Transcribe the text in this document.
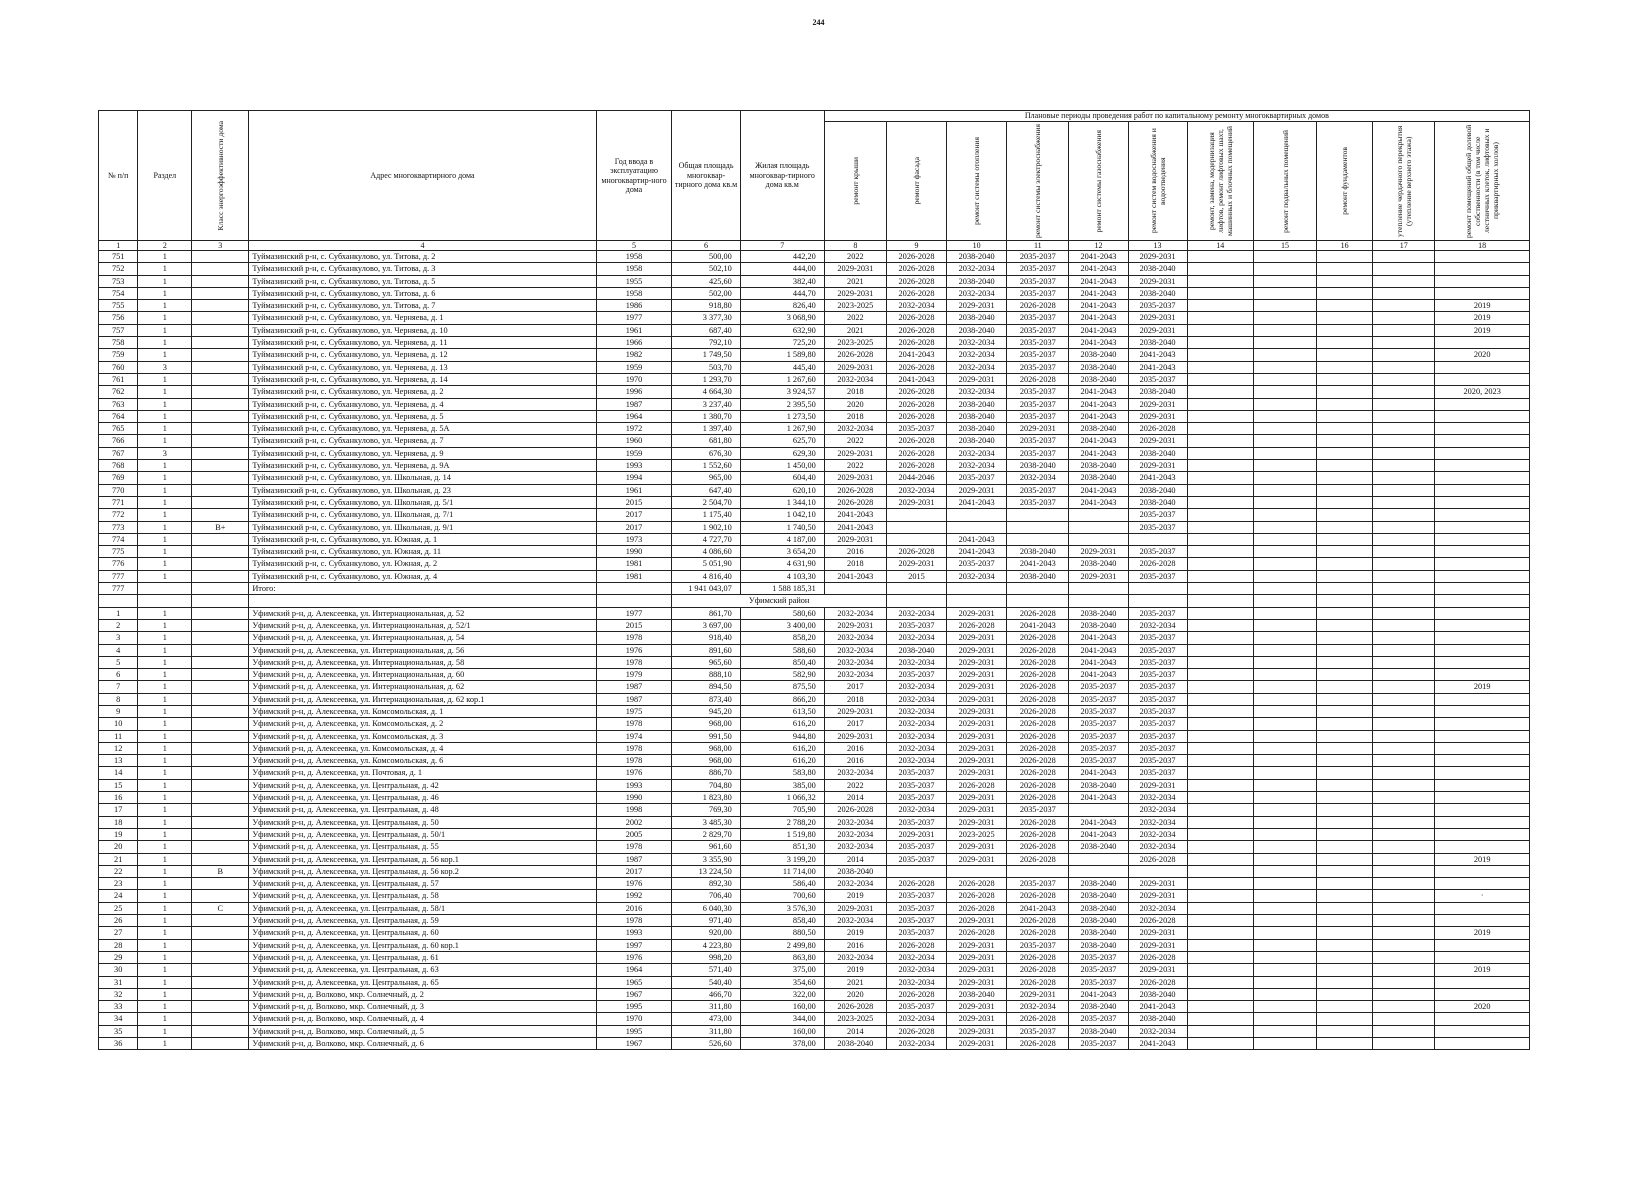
244
№ п/п	Раздел	Класс энергоэффективности дома	Адрес многоквартирного дома	Год ввода в эксплуатацию многоквартир-ного дома	Общая площадь многоквар-тирного дома кв.м	Жилая площадь многоквар-тирного дома кв.м	Плановые периоды проведения работ по капитальному ремонту многоквартирных домов										

							ремонт крыши	ремонт фасада	ремонт системы отопления	ремонт системы электроснабжения	ремонт системы газоснабжения	ремонт систем водоснабжения и водоотведения	ремонт, замена, модернизация лифтов, ремонт лифтовых шахт, машинных и блочных помещений	ремонт подвальных помещений	ремонт фундаментов	утепление чердачного перекрытия (утепление верхнего этажа)	ремонт помещений общей долевой собственности (в том числе лестничных клеток, лифтовых и приквартирных холлов)

1	2	3	4	5	6	7	8	9	10	11	12	13	14	15	16	17	18
751	1		Туймазинский р-н, с. Субханкулово, ул. Титова, д. 2	1958	500,00	442,20	2022	2026-2028	2038-2040	2035-2037	2041-2043	2029-2031					
752	1		Туймазинский р-н, с. Субханкулово, ул. Титова, д. 3	1958	502,10	444,00	2029-2031	2026-2028	2032-2034	2035-2037	2041-2043	2038-2040					
753	1		Туймазинский р-н, с. Субханкулово, ул. Титова, д. 5	1955	425,60	382,40	2021	2026-2028	2038-2040	2035-2037	2041-2043	2029-2031					
754	1		Туймазинский р-н, с. Субханкулово, ул. Титова, д. 6	1958	502,00	444,70	2029-2031	2026-2028	2032-2034	2035-2037	2041-2043	2038-2040					
755	1		Туймазинский р-н, с. Субханкулово, ул. Титова, д. 7	1986	918,80	826,40	2023-2025	2032-2034	2029-2031	2026-2028	2041-2043	2035-2037					2019
756	1		Туймазинский р-н, с. Субханкулово, ул. Черняева, д. 1	1977	3 377,30	3 068,90	2022	2026-2028	2038-2040	2035-2037	2041-2043	2029-2031					2019
757	1		Туймазинский р-н, с. Субханкулово, ул. Черняева, д. 10	1961	687,40	632,90	2021	2026-2028	2038-2040	2035-2037	2041-2043	2029-2031					2019
758	1		Туймазинский р-н, с. Субханкулово, ул. Черняева, д. 11	1966	792,10	725,20	2023-2025	2026-2028	2032-2034	2035-2037	2041-2043	2038-2040					
759	1		Туймазинский р-н, с. Субханкулово, ул. Черняева, д. 12	1982	1 749,50	1 589,80	2026-2028	2041-2043	2032-2034	2035-2037	2038-2040	2041-2043					2020
760	3		Туймазинский р-н, с. Субханкулово, ул. Черняева, д. 13	1959	503,70	445,40	2029-2031	2026-2028	2032-2034	2035-2037	2038-2040	2041-2043					
761	1		Туймазинский р-н, с. Субханкулово, ул. Черняева, д. 14	1970	1 293,70	1 267,60	2032-2034	2041-2043	2029-2031	2026-2028	2038-2040	2035-2037					
762	1		Туймазинский р-н, с. Субханкулово, ул. Черняева, д. 2	1996	4 664,30	3 924,57	2018	2026-2028	2032-2034	2035-2037	2041-2043	2038-2040					2020, 2023
763	1		Туймазинский р-н, с. Субханкулово, ул. Черняева, д. 4	1987	3 237,40	2 395,50	2020	2026-2028	2038-2040	2035-2037	2041-2043	2029-2031					
764	1		Туймазинский р-н, с. Субханкулово, ул. Черняева, д. 5	1964	1 380,70	1 273,50	2018	2026-2028	2038-2040	2035-2037	2041-2043	2029-2031					
765	1		Туймазинский р-н, с. Субханкулово, ул. Черняева, д. 5А	1972	1 397,40	1 267,90	2032-2034	2035-2037	2038-2040	2029-2031	2038-2040	2026-2028					
766	1		Туймазинский р-н, с. Субханкулово, ул. Черняева, д. 7	1960	681,80	625,70	2022	2026-2028	2038-2040	2035-2037	2041-2043	2029-2031					
767	3		Туймазинский р-н, с. Субханкулово, ул. Черняева, д. 9	1959	676,30	629,30	2029-2031	2026-2028	2032-2034	2035-2037	2041-2043	2038-2040					
768	1		Туймазинский р-н, с. Субханкулово, ул. Черняева, д. 9А	1993	1 552,60	1 450,00	2022	2026-2028	2032-2034	2038-2040	2038-2040	2029-2031					
769	1		Туймазинский р-н, с. Субханкулово, ул. Школьная, д. 14	1994	965,00	604,40	2029-2031	2044-2046	2035-2037	2032-2034	2038-2040	2041-2043					
770	1		Туймазинский р-н, с. Субханкулово, ул. Школьная, д. 23	1961	647,40	620,10	2026-2028	2032-2034	2029-2031	2035-2037	2041-2043	2038-2040					
771	1		Туймазинский р-н, с. Субханкулово, ул. Школьная, д. 5/1	2015	2 504,70	1 344,10	2026-2028	2029-2031	2041-2043	2035-2037	2041-2043	2038-2040					
772	1		Туймазинский р-н, с. Субханкулово, ул. Школьная, д. 7/1	2017	1 175,40	1 042,10	2041-2043					2035-2037					
773	1	В+	Туймазинский р-н, с. Субханкулово, ул. Школьная, д. 9/1	2017	1 902,10	1 740,50	2041-2043					2035-2037					
774	1		Туймазинский р-н, с. Субханкулово, ул. Южная, д. 1	1973	4 727,70	4 187,00	2029-2031		2041-2043								
775	1		Туймазинский р-н, с. Субханкулово, ул. Южная, д. 11	1990	4 086,60	3 654,20	2016	2026-2028	2041-2043	2038-2040	2029-2031	2035-2037					
776	1		Туймазинский р-н, с. Субханкулово, ул. Южная, д. 2	1981	5 051,90	4 631,90	2018	2029-2031	2035-2037	2041-2043	2038-2040	2026-2028					
777	1		Туймазинский р-н, с. Субханкулово, ул. Южная, д. 4	1981	4 816,40	4 103,30	2041-2043	2015	2032-2034	2038-2040	2029-2031	2035-2037					
777			Итого:		1 941 043,07	1 588 185,31											
					Уфимский район												
1	1		Уфимский р-н, д. Алексеевка, ул. Интернациональная, д. 52	1977	861,70	580,60	2032-2034	2032-2034	2029-2031	2026-2028	2038-2040	2035-2037					
2	1		Уфимский р-н, д. Алексеевка, ул. Интернациональная, д. 52/1	2015	3 697,00	3 400,00	2029-2031	2035-2037	2026-2028	2041-2043	2038-2040	2032-2034					
3	1		Уфимский р-н, д. Алексеевка, ул. Интернациональная, д. 54	1978	918,40	858,20	2032-2034	2032-2034	2029-2031	2026-2028	2041-2043	2035-2037					
4	1		Уфимский р-н, д. Алексеевка, ул. Интернациональная, д. 56	1976	891,60	588,60	2032-2034	2038-2040	2029-2031	2026-2028	2041-2043	2035-2037					
5	1		Уфимский р-н, д. Алексеевка, ул. Интернациональная, д. 58	1978	965,60	850,40	2032-2034	2032-2034	2029-2031	2026-2028	2041-2043	2035-2037					
6	1		Уфимский р-н, д. Алексеевка, ул. Интернациональная, д. 60	1979	888,10	582,90	2032-2034	2035-2037	2029-2031	2026-2028	2041-2043	2035-2037					
7	1		Уфимский р-н, д. Алексеевка, ул. Интернациональная, д. 62	1987	894,50	875,50	2017	2032-2034	2029-2031	2026-2028	2035-2037	2035-2037					2019
8	1		Уфимский р-н, д. Алексеевка, ул. Интернациональная, д. 62 кор.1	1987	873,40	866,20	2018	2032-2034	2029-2031	2026-2028	2035-2037	2035-2037					
9	1		Уфимский р-н, д. Алексеевка, ул. Комсомольская, д. 1	1975	945,20	613,50	2029-2031	2032-2034	2029-2031	2026-2028	2035-2037	2035-2037					
10	1		Уфимский р-н, д. Алексеевка, ул. Комсомольская, д. 2	1978	968,00	616,20	2017	2032-2034	2029-2031	2026-2028	2035-2037	2035-2037					
11	1		Уфимский р-н, д. Алексеевка, ул. Комсомольская, д. 3	1974	991,50	944,80	2029-2031	2032-2034	2029-2031	2026-2028	2035-2037	2035-2037					
12	1		Уфимский р-н, д. Алексеевка, ул. Комсомольская, д. 4	1978	968,00	616,20	2016	2032-2034	2029-2031	2026-2028	2035-2037	2035-2037					
13	1		Уфимский р-н, д. Алексеевка, ул. Комсомольская, д. 6	1978	968,00	616,20	2016	2032-2034	2029-2031	2026-2028	2035-2037	2035-2037					
14	1		Уфимский р-н, д. Алексеевка, ул. Почтовая, д. 1	1976	886,70	583,80	2032-2034	2035-2037	2029-2031	2026-2028	2041-2043	2035-2037					
15	1		Уфимский р-н, д. Алексеевка, ул. Центральная, д. 42	1993	704,80	385,00	2022	2035-2037	2026-2028	2026-2028	2038-2040	2029-2031					
16	1		Уфимский р-н, д. Алексеевка, ул. Центральная, д. 46	1990	1 823,80	1 066,32	2014	2035-2037	2029-2031	2026-2028	2041-2043	2032-2034					
17	1		Уфимский р-н, д. Алексеевка, ул. Центральная, д. 48	1998	769,30	705,90	2026-2028	2032-2034	2029-2031	2035-2037		2032-2034					
18	1		Уфимский р-н, д. Алексеевка, ул. Центральная, д. 50	2002	3 485,30	2 788,20	2032-2034	2035-2037	2029-2031	2026-2028	2041-2043	2032-2034					
19	1		Уфимский р-н, д. Алексеевка, ул. Центральная, д. 50/1	2005	2 829,70	1 519,80	2032-2034	2029-2031	2023-2025	2026-2028	2041-2043	2032-2034					
20	1		Уфимский р-н, д. Алексеевка, ул. Центральная, д. 55	1978	961,60	851,30	2032-2034	2035-2037	2029-2031	2026-2028	2038-2040	2032-2034					
21	1		Уфимский р-н, д. Алексеевка, ул. Центральная, д. 56 кор.1	1987	3 355,90	3 199,20	2014	2035-2037	2029-2031	2026-2028		2026-2028					2019
22	1	В	Уфимский р-н, д. Алексеевка, ул. Центральная, д. 56 кор.2	2017	13 224,50	11 714,00	2038-2040										
23	1		Уфимский р-н, д. Алексеевка, ул. Центральная, д. 57	1976	892,30	586,40	2032-2034	2026-2028	2026-2028	2035-2037	2038-2040	2029-2031					
24	1		Уфимский р-н, д. Алексеевка, ул. Центральная, д. 58	1992	706,40	700,60	2019	2035-2037	2026-2028	2026-2028	2038-2040	2029-2031					·
25	1	С	Уфимский р-н, д. Алексеевка, ул. Центральная, д. 58/1	2016	6 040,30	3 576,30	2029-2031	2035-2037	2026-2028	2041-2043	2038-2040	2032-2034					
26	1		Уфимский р-н, д. Алексеевка, ул. Центральная, д. 59	1978	971,40	858,40	2032-2034	2035-2037	2029-2031	2026-2028	2038-2040	2026-2028					
27	1		Уфимский р-н, д. Алексеевка, ул. Центральная, д. 60	1993	920,00	880,50	2019	2035-2037	2026-2028	2026-2028	2038-2040	2029-2031					2019
28	1		Уфимский р-н, д. Алексеевка, ул. Центральная, д. 60 кор.1	1997	4 223,80	2 499,80	2016	2026-2028	2029-2031	2035-2037	2038-2040	2029-2031					
29	1		Уфимский р-н, д. Алексеевка, ул. Центральная, д. 61	1976	998,20	863,80	2032-2034	2032-2034	2029-2031	2026-2028	2035-2037	2026-2028					
30	1		Уфимский р-н, д. Алексеевка, ул. Центральная, д. 63	1964	571,40	375,00	2019	2032-2034	2029-2031	2026-2028	2035-2037	2029-2031					2019
31	1		Уфимский р-н, д. Алексеевка, ул. Центральная, д. 65	1965	540,40	354,60	2021	2032-2034	2029-2031	2026-2028	2035-2037	2026-2028					
32	1		Уфимский р-н, д. Волково, мкр. Солнечный, д. 2	1967	466,70	322,00	2020	2026-2028	2038-2040	2029-2031	2041-2043	2038-2040					
33	1		Уфимский р-н, д. Волково, мкр. Солнечный, д. 3	1995	311,80	160,00	2026-2028	2035-2037	2029-2031	2032-2034	2038-2040	2041-2043					2020
34	1		Уфимский р-н, д. Волково, мкр. Солнечный, д. 4	1970	473,00	344,00	2023-2025	2032-2034	2029-2031	2026-2028	2035-2037	2038-2040					
35	1		Уфимский р-н, д. Волково, мкр. Солнечный, д. 5	1995	311,80	160,00	2014	2026-2028	2029-2031	2035-2037	2038-2040	2032-2034					
36	1		Уфимский р-н, д. Волково, мкр. Солнечный, д. 6	1967	526,60	378,00	2038-2040	2032-2034	2029-2031	2026-2028	2035-2037	2041-2043					
